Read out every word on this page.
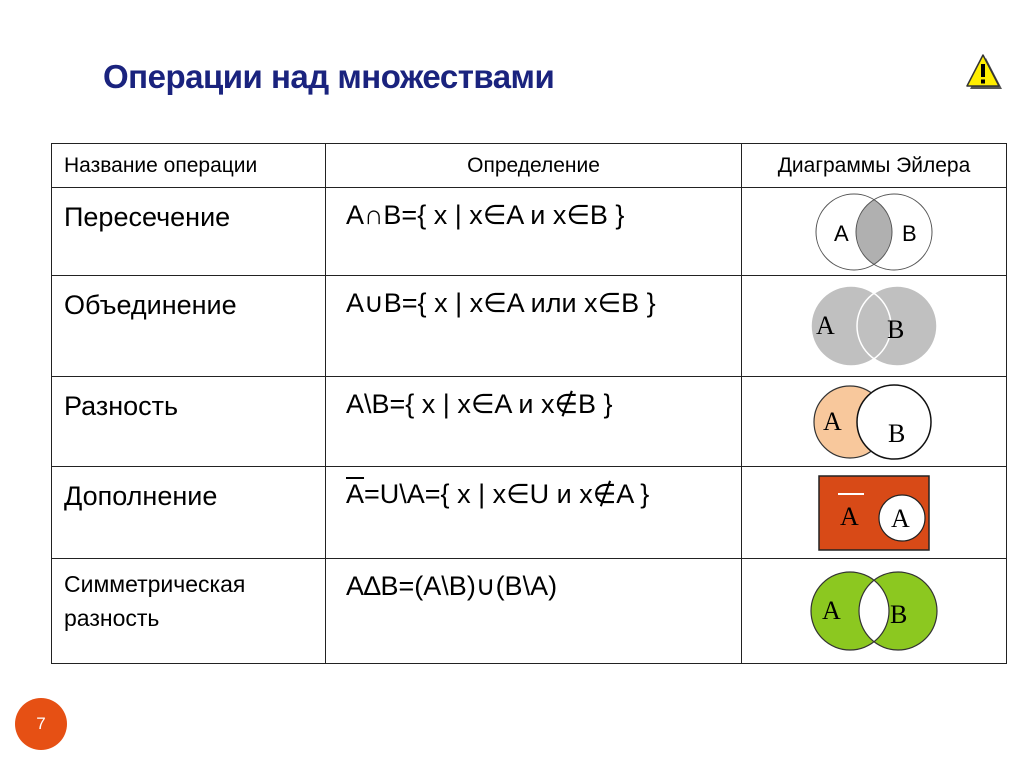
Операции над множествами
Название операции	Определение	Диаграммы Эйлера
Пересечение	A∩B={ x | x∈A и x∈B }	A B

Объединение	A∪B={ x | x∈A или x∈B }	A B

Разность	A\B={ x | x∈A и x∉B }	A B

Дополнение	$\overline{A}=U\backslash A=${ x | x∈U и x∉A }	A A

Симметрическая разность	A∆B=(A\B)∪(B\A)	A B
7
